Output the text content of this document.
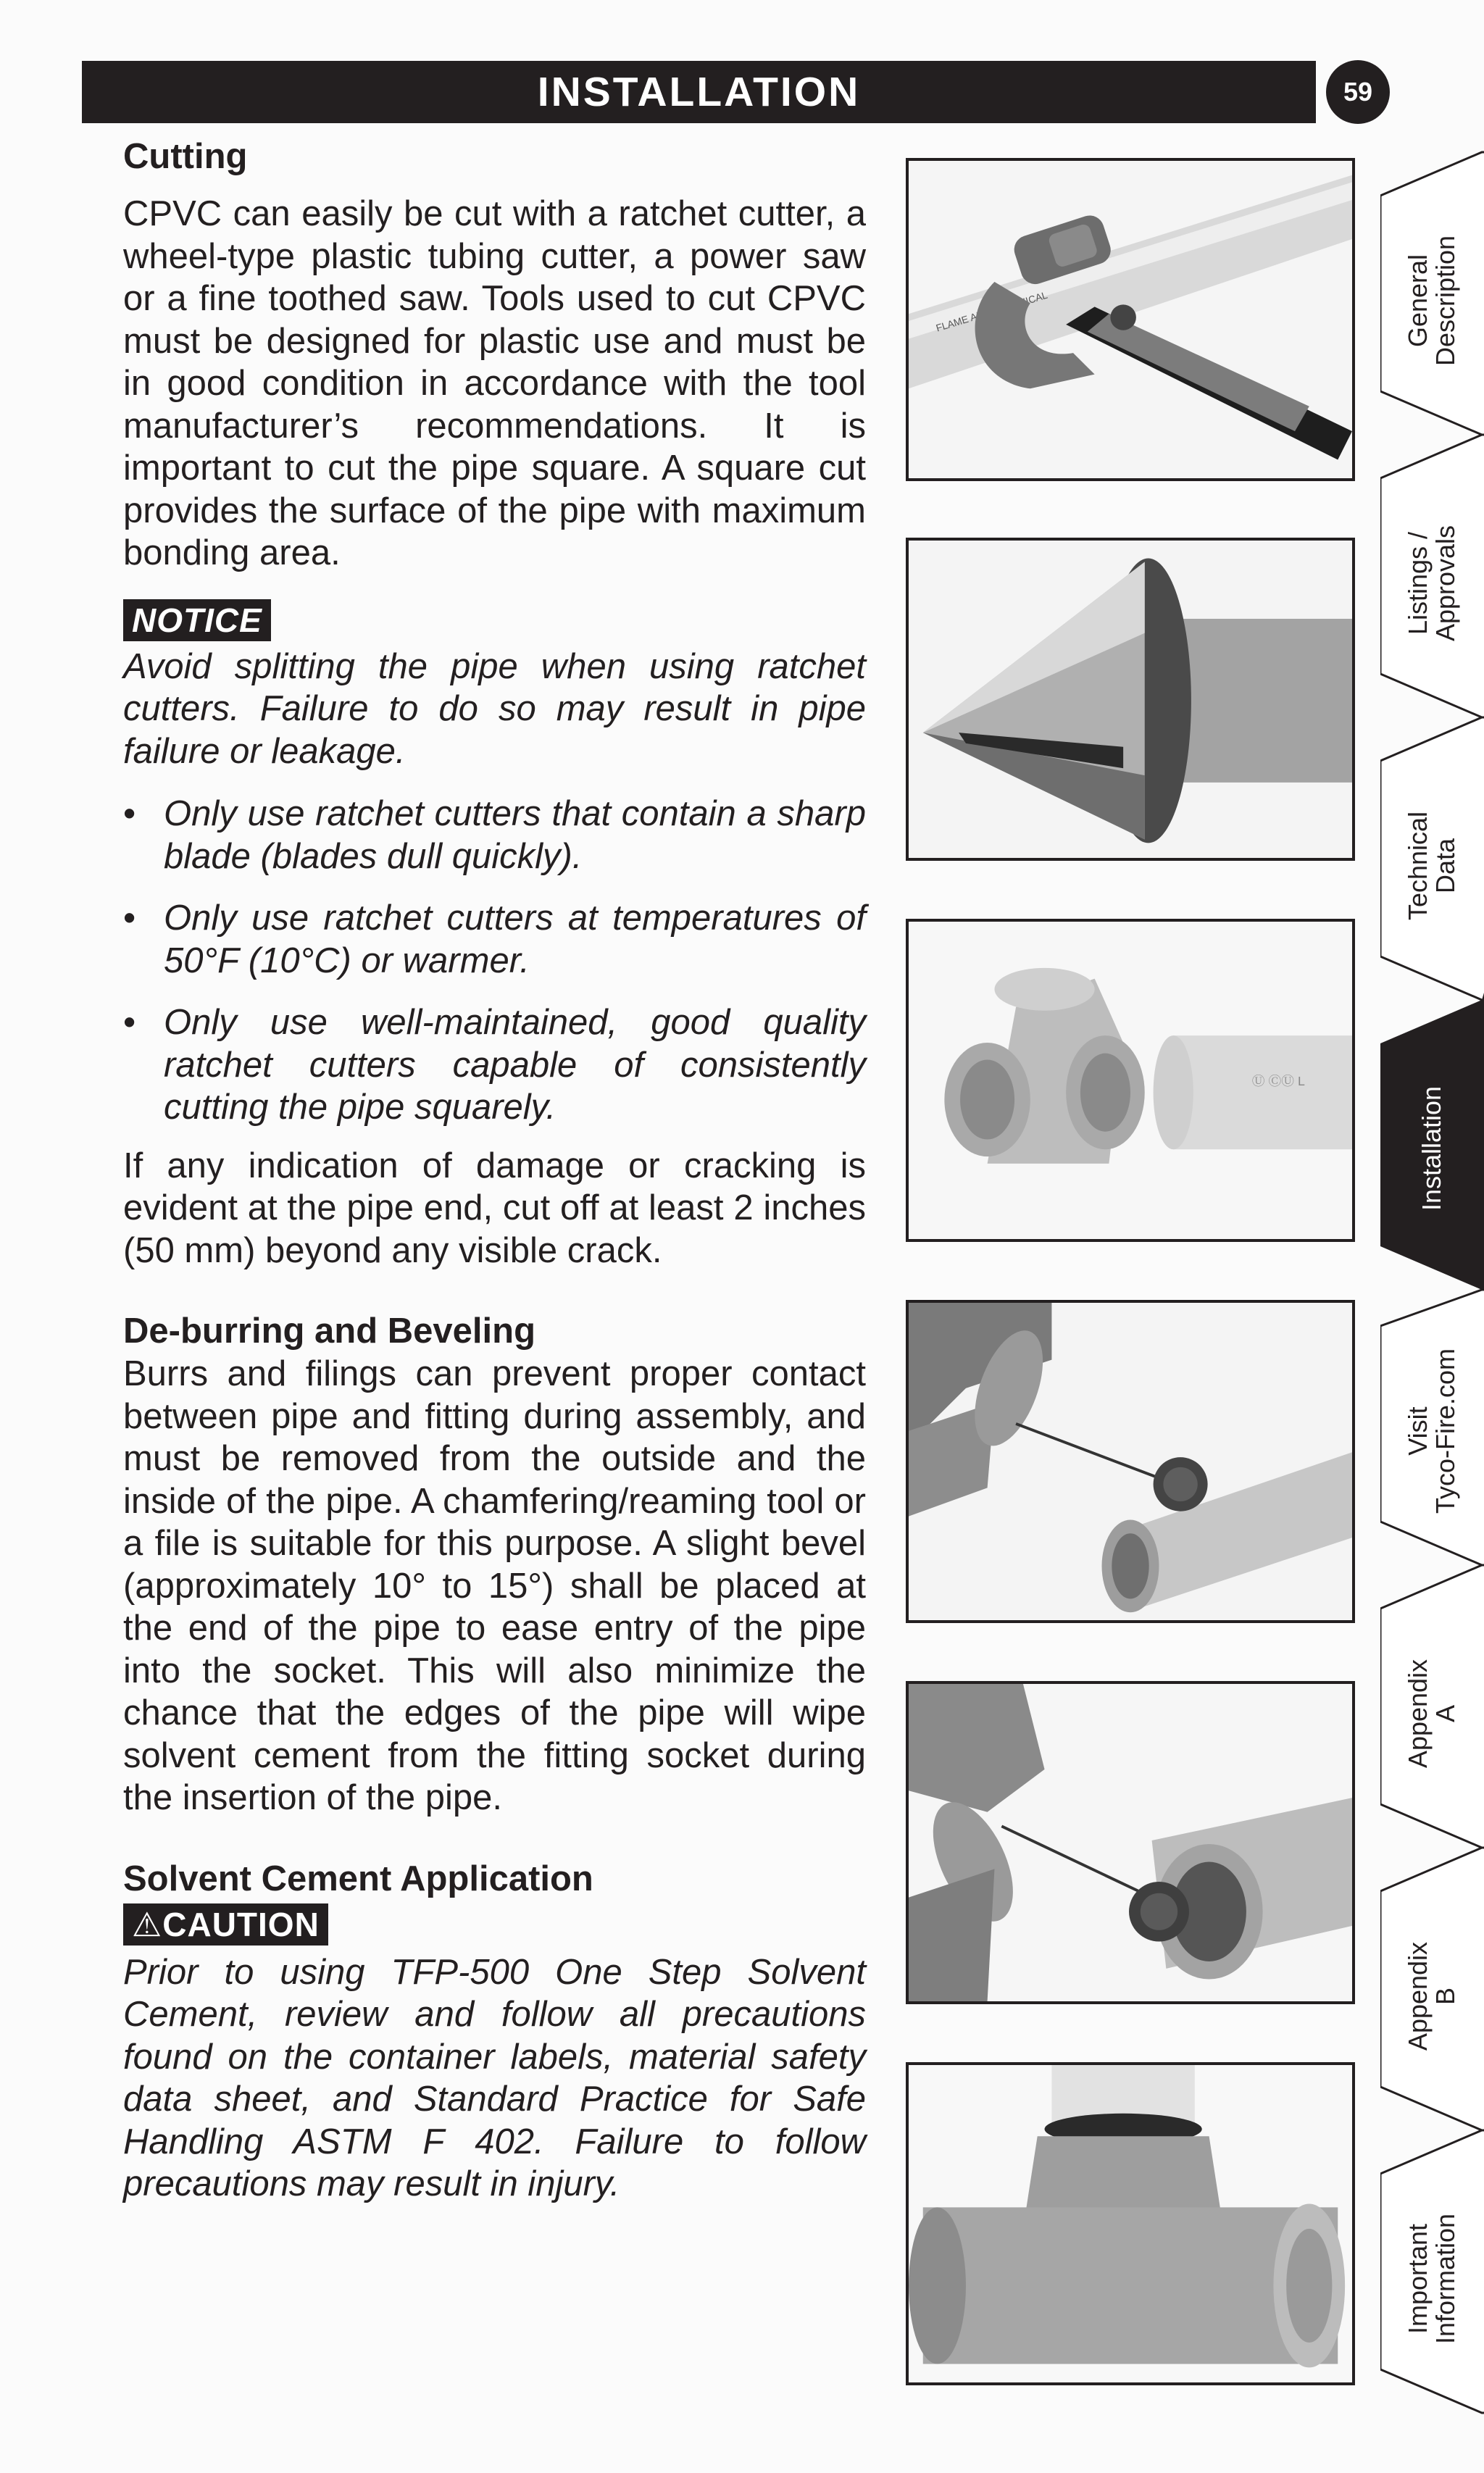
INSTALLATION	59

Cutting

CPVC can easily be cut with a ratchet cutter, a wheel-type plastic tubing cutter, a power saw or a fine toothed saw. Tools used to cut CPVC must be designed for plastic use and must be in good condition in accordance with the tool manufacturer’s recommendations. It is important to cut the pipe square. A square cut provides the surface of the pipe with maximum bonding area.

NOTICE

Avoid splitting the pipe when using ratchet cutters. Failure to do so may result in pipe failure or leakage.

• Only use ratchet cutters that contain a sharp blade (blades dull quickly).
• Only use ratchet cutters at temperatures of 50°F (10°C) or warmer.
• Only use well-maintained, good quality ratchet cutters capable of consistently cutting the pipe squarely.

If any indication of damage or cracking is evident at the pipe end, cut off at least 2 inches (50 mm) beyond any visible crack.

De-burring and Beveling

Burrs and filings can prevent proper contact between pipe and fitting during assembly, and must be removed from the outside and the inside of the pipe. A chamfering/reaming tool or a file is suitable for this purpose. A slight bevel (approximately 10° to 15°) shall be placed at the end of the pipe to ease entry of the pipe into the socket. This will also minimize the chance that the edges of the pipe will wipe solvent cement from the fitting socket during the insertion of the pipe.

Solvent Cement Application

⚠CAUTION

Prior to using TFP-500 One Step Solvent Cement, review and follow all precautions found on the container labels, material safety data sheet, and Standard Practice for Safe Handling ASTM F 402. Failure to follow precautions may result in injury.

FLAME
Ⓤ ⒸⓊ L
General
Description
Listings /
Approvals
Technical
Data
Installation
Visit
Tyco-Fire.com
Appendix
A
Appendix
B
Important
Information
